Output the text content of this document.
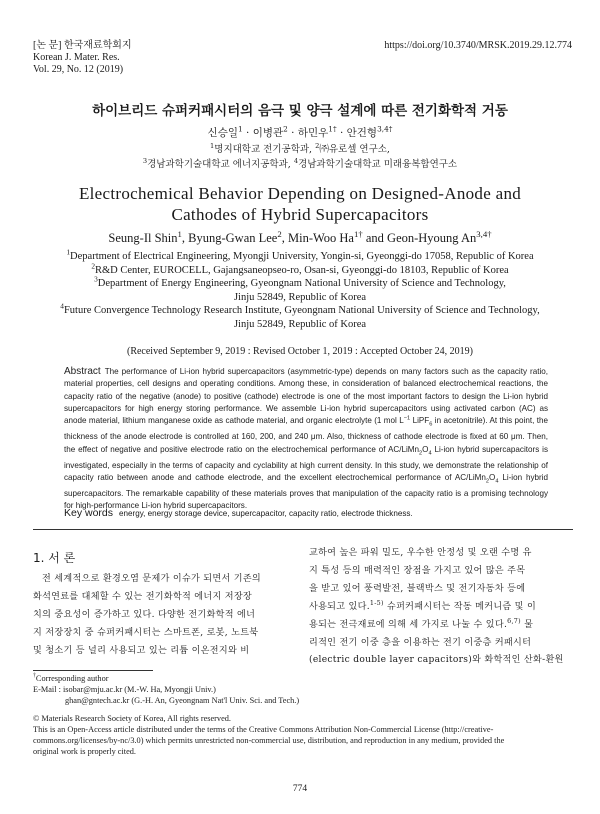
[논 문] 한국재료학회지
Korean J. Mater. Res.
Vol. 29, No. 12 (2019)
https://doi.org/10.3740/MRSK.2019.29.12.774
하이브리드 슈퍼커패시터의 음극 및 양극 설계에 따른 전기화학적 거동
신승일$^1$ · 이병관$^2$ · 하민우$^{1\dagger}$ · 안건형$^{3,4\dagger}$
$^1$명지대학교 전기공학과, $^2$㈜유로셀 연구소,
$^3$경남과학기술대학교 에너지공학과, $^4$경남과학기술대학교 미래융복합연구소
Electrochemical Behavior Depending on Designed-Anode and
Cathodes of Hybrid Supercapacitors
Seung-Il Shin$^1$, Byung-Gwan Lee$^2$, Min-Woo $Ha^{1\dagger}$ and Geon-Hyoung $An^{3,4\dagger}$
$^1$Department of Electrical Engineering, Myongji University, Yongin-si, Gyeonggi-do 17058, Republic of Korea
$^2$R&D Center, EUROCELL, Gajangsaneopseo-ro, Osan-si, Gyeonggi-do 18103, Republic of Korea
$^3$Department of Energy Engineering, Gyeongnam National University of Science and Technology,
Jinju 52849, Republic of Korea
$^4$Future Convergence Technology Research Institute, Gyeongnam National University of Science and Technology,
Jinju 52849, Republic of Korea
(Received September 9, 2019 : Revised October 1, 2019 : Accepted October 24, 2019)
Abstract The performance of Li-ion hybrid supercapacitors (asymmetric-type) depends on many factors such as the capacity ratio, material properties, cell designs and operating conditions. Among these, in consideration of balanced electrochemical reactions, the capacity ratio of the negative (anode) to positive (cathode) electrode is one of the most important factors to design the Li-ion hybrid supercapacitors for high energy storing performance. We assemble Li-ion hybrid supercapacitors using activated carbon (AC) as anode material, lithium manganese oxide as cathode material, and organic electrolyte (1 mol $L^{-1}$ LiPF$_6$ in acetonitrile). At this point, the thickness of the anode electrode is controlled at 160, 200, and 240 μm. Also, thickness of cathode electrode is fixed at 60 μm. Then, the effect of negative and positive electrode ratio on the electrochemical performance of $AC/LiMn_2O_4$ Li-ion hybrid supercapacitors is investigated, especially in the terms of capacity and cyclability at high current density. In this study, we demonstrate the relationship of capacity ratio between anode and cathode electrode, and the excellent electrochemical performance of $AC/LiMn_2O_4$ Li-ion hybrid supercapacitors. The remarkable capability of these materials proves that manipulation of the capacity ratio is a promising technology for high-performance Li-ion hybrid supercapacitors.
Key words energy, energy storage device, supercapacitor, capacity ratio, electrode thickness.
1. 서 론
전 세계적으로 환경오염 문제가 이슈가 되면서 기존의
화석연료를 대체할 수 있는 전기화학적 에너지 저장장
치의 중요성이 증가하고 있다. 다양한 전기화학적 에너
지 저장장치 중 슈퍼커패시터는 스마트폰, 로봇, 노트북
및 청소기 등 널리 사용되고 있는 리튬 이온전지와 비
교하여 높은 파워 밀도, 우수한 안정성 및 오랜 수명 유
지 특성 등의 매력적인 장점을 가지고 있어 많은 주목
을 받고 있어 풍력발전, 블랙박스 및 전기자동차 등에
사용되고 있다.$^{1-5)}$ 슈퍼커패시터는 작동 메커니즘 및 이
용되는 전극재료에 의해 세 가지로 나눌 수 있다.$^{6,7)}$ 물
리적인 전기 이중 층을 이용하는 전기 이중층 커패시터
(electric double layer capacitors)와 화학적인 산화-환원
†Corresponding author
E-Mail : isobar@mju.ac.kr (M.-W. Ha, Myongji Univ.)
ghan@gntech.ac.kr (G.-H. An, Gyeongnam Nat'l Univ. Sci. and Tech.)
© Materials Research Society of Korea, All rights reserved.
This is an Open-Access article distributed under the terms of the Creative Commons Attribution Non-Commercial License (http://creative-
commons.org/licenses/by-nc/3.0) which permits unrestricted non-commercial use, distribution, and reproduction in any medium, provided the
original work is properly cited.
774
